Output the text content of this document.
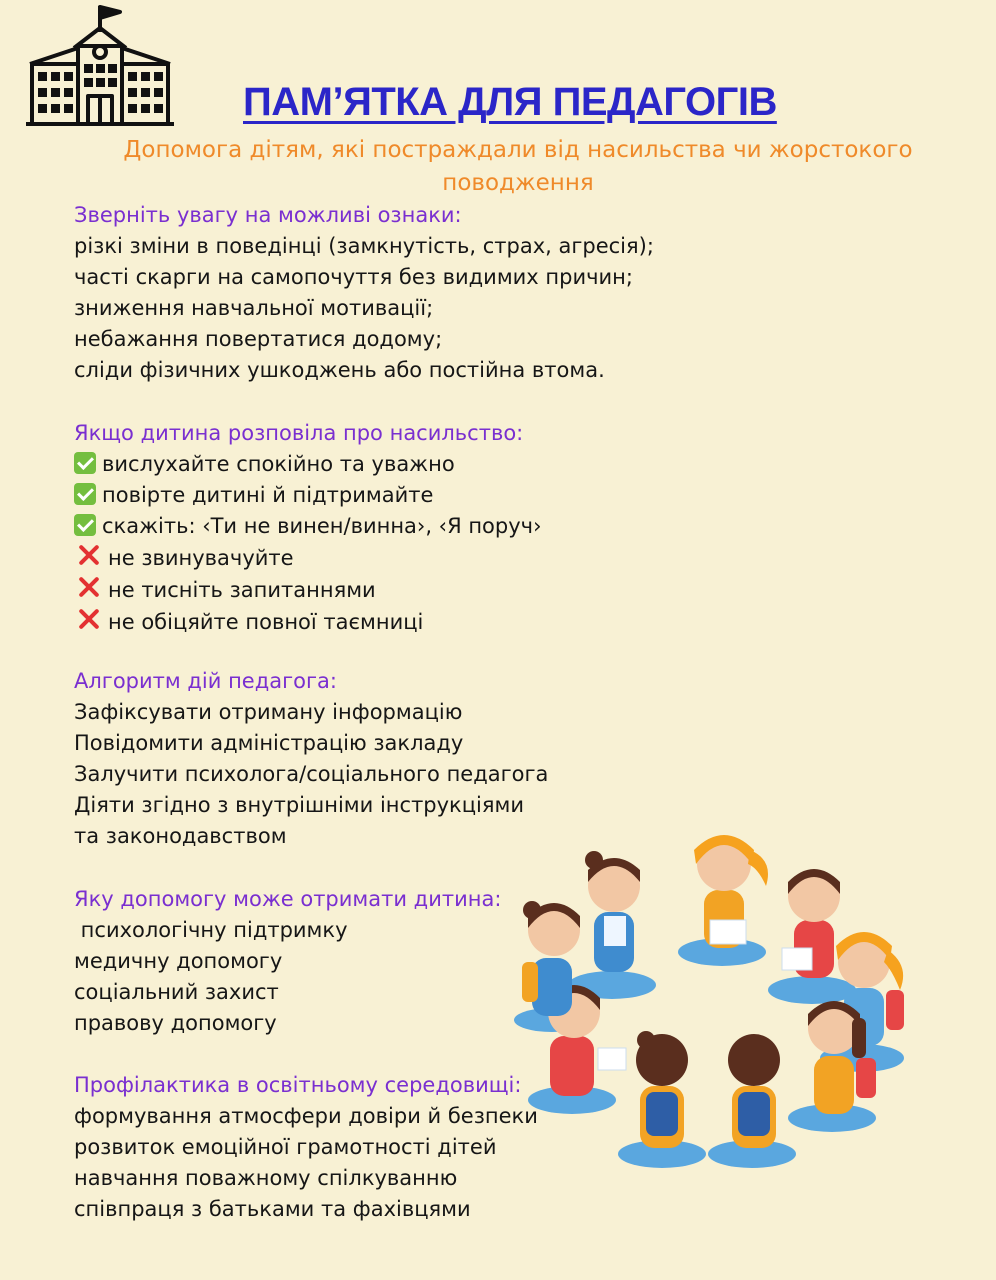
ПАМ’ЯТКА ДЛЯ ПЕДАГОГІВ
Допомога дітям, які постраждали від насильства чи жорстокого поводження
Зверніть увагу на можливі ознаки:
різкі зміни в поведінці (замкнутість, страх, агресія);
часті скарги на самопочуття без видимих причин;
зниження навчальної мотивації;
небажання повертатися додому;
сліди фізичних ушкоджень або постійна втома.
Якщо дитина розповіла про насильство:
вислухайте спокійно та уважно
повірте дитині й підтримайте
скажіть: ‹Ти не винен/винна›, ‹Я поруч›
не звинувачуйте
не тисніть запитаннями
не обіцяйте повної таємниці
Алгоритм дій педагога:
Зафіксувати отриману інформацію
Повідомити адміністрацію закладу
Залучити психолога/соціального педагога
Діяти згідно з внутрішніми інструкціями
та законодавством
Яку допомогу може отримати дитина:
психологічну підтримку
медичну допомогу
соціальний захист
правову допомогу
Профілактика в освітньому середовищі:
формування атмосфери довіри й безпеки
розвиток емоційної грамотності дітей
навчання поважному спілкуванню
співпраця з батьками та фахівцями
